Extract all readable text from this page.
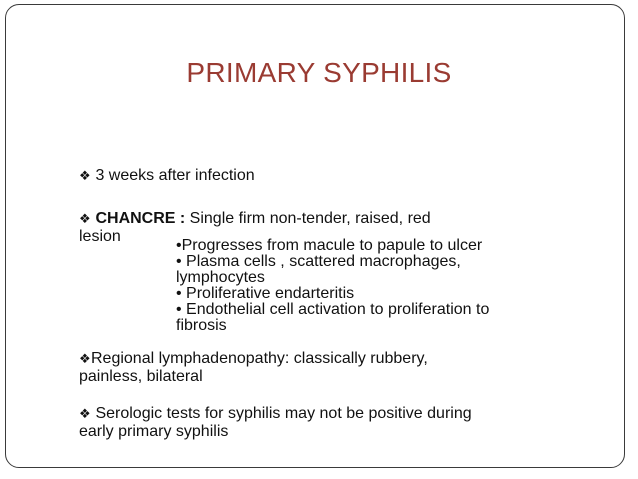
PRIMARY SYPHILIS
❖ 3 weeks after infection
❖ CHANCRE : Single firm non-tender, raised, red
lesion
•Progresses from macule to papule to ulcer
• Plasma cells , scattered macrophages,
lymphocytes
• Proliferative endarteritis
• Endothelial cell activation to proliferation to
fibrosis
❖Regional lymphadenopathy: classically rubbery,
painless, bilateral
❖ Serologic tests for syphilis may not be positive during
early primary syphilis
